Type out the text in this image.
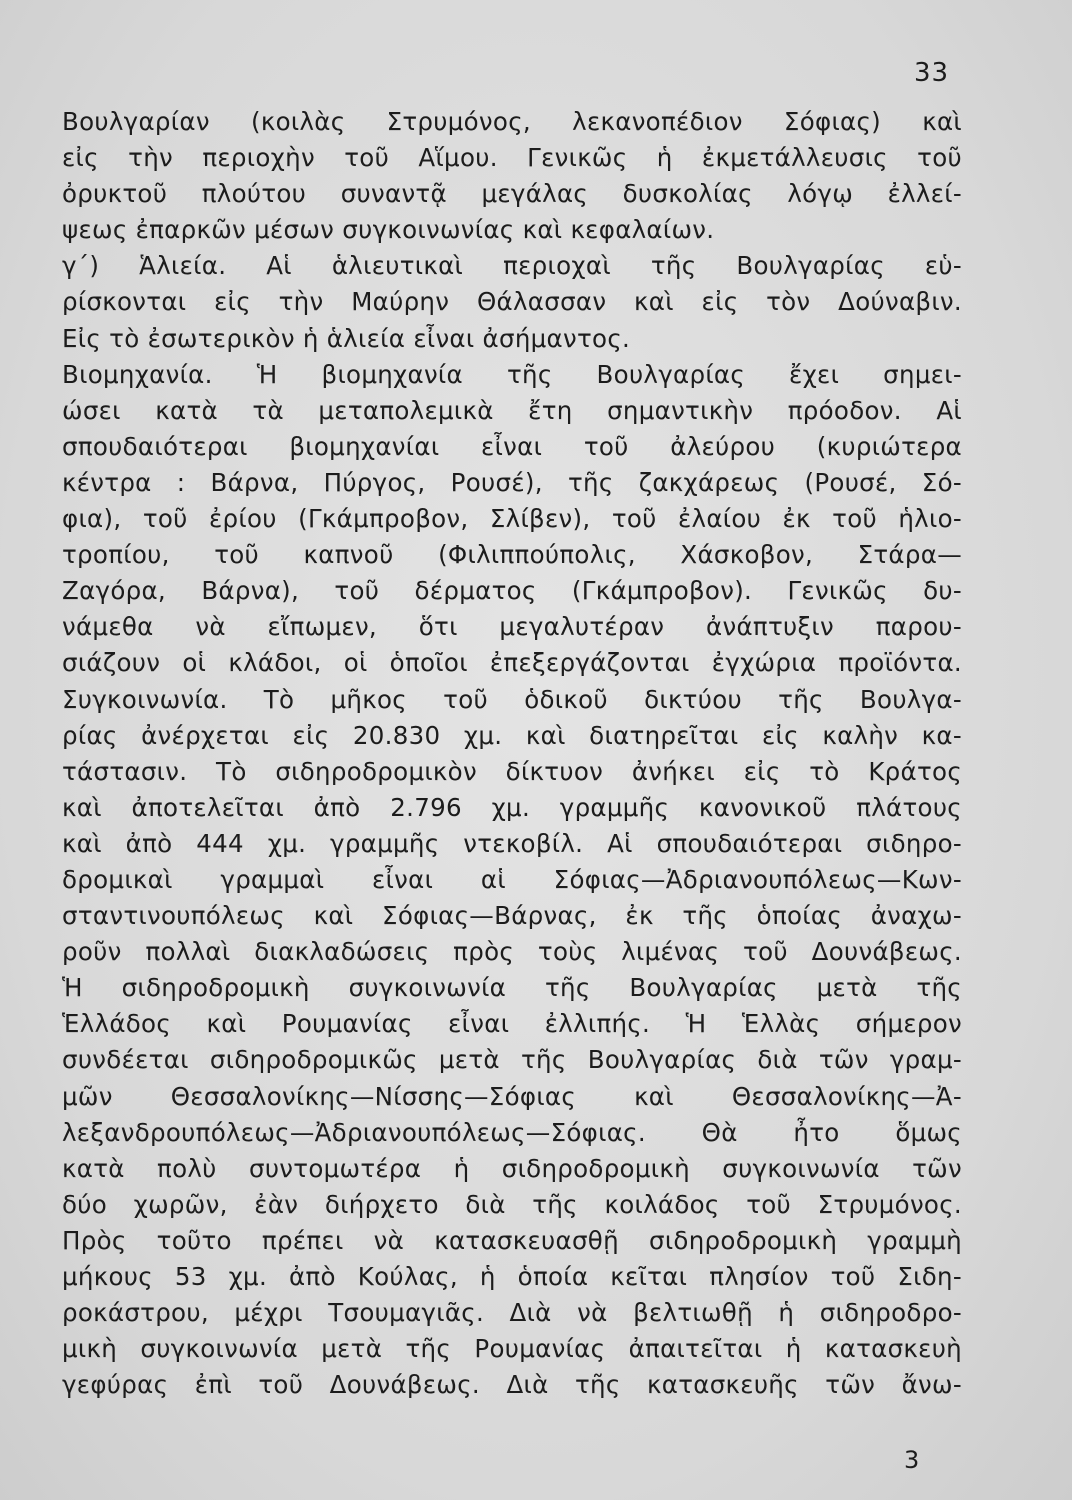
33
Βουλγαρίαν (κοιλὰς Στρυμόνος, λεκανοπέδιον Σόφιας) καὶ
εἰς τὴν περιοχὴν τοῦ Αἵμου. Γενικῶς ἡ ἐκμετάλλευσις τοῦ
ὀρυκτοῦ πλούτου συναντᾷ μεγάλας δυσκολίας λόγῳ ἐλλεί-
ψεως ἐπαρκῶν μέσων συγκοινωνίας καὶ κεφαλαίων.
γ΄) Ἁλιεία. Αἱ ἁλιευτικαὶ περιοχαὶ τῆς Βουλγαρίας εὑ-
ρίσκονται εἰς τὴν Μαύρην Θάλασσαν καὶ εἰς τὸν Δούναβιν.
Εἰς τὸ ἐσωτερικὸν ἡ ἁλιεία εἶναι ἀσήμαντος.
Βιομηχανία. Ἡ βιομηχανία τῆς Βουλγαρίας ἔχει σημει-
ώσει κατὰ τὰ μεταπολεμικὰ ἔτη σημαντικὴν πρόοδον. Αἱ
σπουδαιότεραι βιομηχανίαι εἶναι τοῦ ἀλεύρου (κυριώτερα
κέντρα : Βάρνα, Πύργος, Ρουσέ), τῆς ζακχάρεως (Ρουσέ, Σό-
φια), τοῦ ἐρίου (Γκάμπροβον, Σλίβεν), τοῦ ἐλαίου ἐκ τοῦ ἡλιο-
τροπίου, τοῦ καπνοῦ (Φιλιππούπολις, Χάσκοβον, Στάρα—
Ζαγόρα, Βάρνα), τοῦ δέρματος (Γκάμπροβον). Γενικῶς δυ-
νάμεθα νὰ εἴπωμεν, ὅτι μεγαλυτέραν ἀνάπτυξιν παρου-
σιάζουν οἱ κλάδοι, οἱ ὁποῖοι ἐπεξεργάζονται ἐγχώρια προϊόντα.
Συγκοινωνία. Τὸ μῆκος τοῦ ὁδικοῦ δικτύου τῆς Βουλγα-
ρίας ἀνέρχεται εἰς 20.830 χμ. καὶ διατηρεῖται εἰς καλὴν κα-
τάστασιν. Τὸ σιδηροδρομικὸν δίκτυον ἀνήκει εἰς τὸ Κράτος
καὶ ἀποτελεῖται ἀπὸ 2.796 χμ. γραμμῆς κανονικοῦ πλάτους
καὶ ἀπὸ 444 χμ. γραμμῆς ντεκοβίλ. Αἱ σπουδαιότεραι σιδηρο-
δρομικαὶ γραμμαὶ εἶναι αἱ Σόφιας—Ἀδριανουπόλεως—Κων-
σταντινουπόλεως καὶ Σόφιας—Βάρνας, ἐκ τῆς ὁποίας ἀναχω-
ροῦν πολλαὶ διακλαδώσεις πρὸς τοὺς λιμένας τοῦ Δουνάβεως.
Ἡ σιδηροδρομικὴ συγκοινωνία τῆς Βουλγαρίας μετὰ τῆς
Ἑλλάδος καὶ Ρουμανίας εἶναι ἐλλιπής. Ἡ Ἑλλὰς σήμερον
συνδέεται σιδηροδρομικῶς μετὰ τῆς Βουλγαρίας διὰ τῶν γραμ-
μῶν Θεσσαλονίκης—Νίσσης—Σόφιας καὶ Θεσσαλονίκης—Ἀ-
λεξανδρουπόλεως—Ἀδριανουπόλεως—Σόφιας. Θὰ ἦτο ὅμως
κατὰ πολὺ συντομωτέρα ἡ σιδηροδρομικὴ συγκοινωνία τῶν
δύο χωρῶν, ἐὰν διήρχετο διὰ τῆς κοιλάδος τοῦ Στρυμόνος.
Πρὸς τοῦτο πρέπει νὰ κατασκευασθῇ σιδηροδρομικὴ γραμμὴ
μήκους 53 χμ. ἀπὸ Κούλας, ἡ ὁποία κεῖται πλησίον τοῦ Σιδη-
ροκάστρου, μέχρι Τσουμαγιᾶς. Διὰ νὰ βελτιωθῇ ἡ σιδηροδρο-
μικὴ συγκοινωνία μετὰ τῆς Ρουμανίας ἀπαιτεῖται ἡ κατασκευὴ
γεφύρας ἐπὶ τοῦ Δουνάβεως. Διὰ τῆς κατασκευῆς τῶν ἄνω-
3
